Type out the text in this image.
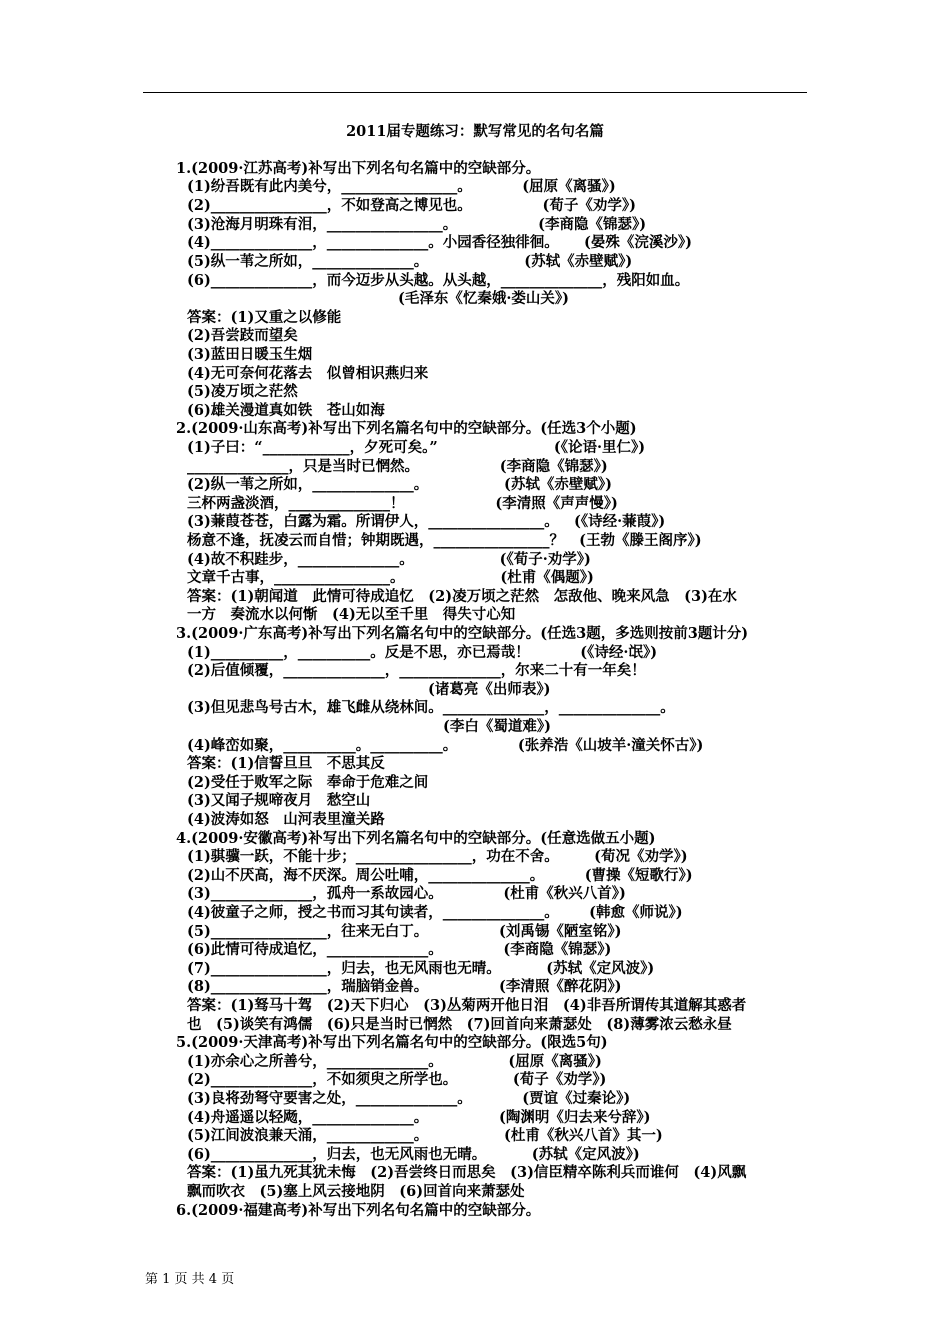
2011届专题练习：默写常见的名句名篇
1.(2009·江苏高考)补写出下列名句名篇中的空缺部分。
(1)纷吾既有此内美兮，________________。          (屈原《离骚》)
(2)________________，不如登高之博见也。              (荀子《劝学》)
(3)沧海月明珠有泪，________________。                (李商隐《锦瑟》)
(4)______________，______________。小园香径独徘徊。     (晏殊《浣溪沙》)
(5)纵一苇之所如，______________。                   (苏轼《赤壁赋》)
(6)______________，而今迈步从头越。从头越，______________，残阳如血。
(毛泽东《忆秦娥·娄山关》)
答案：(1)又重之以修能
(2)吾尝跂而望矣
(3)蓝田日暖玉生烟
(4)无可奈何花落去　似曾相识燕归来
(5)凌万顷之茫然
(6)雄关漫道真如铁　苍山如海
2.(2009·山东高考)补写出下列名篇名句中的空缺部分。(任选3个小题)
(1)子曰：“____________，夕死可矣。”                       (《论语·里仁》)
______________，只是当时已惘然。                (李商隐《锦瑟》)
(2)纵一苇之所如，______________。               (苏轼《赤壁赋》)
三杯两盏淡酒，______________！                  (李清照《声声慢》)
(3)蒹葭苍苍，白露为霜。所谓伊人，________________。   (《诗经·蒹葭》)
杨意不逢，抚凌云而自惜；钟期既遇，________________？   (王勃《滕王阁序》)
(4)故不积跬步，______________。                 (《荀子·劝学》)
文章千古事，________________。                   (杜甫《偶题》)
答案：(1)朝闻道　此情可待成追忆　(2)凌万顷之茫然　怎敌他、晚来风急　(3)在水
一方　奏流水以何惭　(4)无以至千里　得失寸心知
3.(2009·广东高考)补写出下列名篇名句中的空缺部分。(任选3题，多选则按前3题计分)
(1)__________，__________。反是不思，亦已焉哉！          (《诗经·氓》)
(2)后值倾覆，______________，______________，尔来二十有一年矣！
(诸葛亮《出师表》)
(3)但见悲鸟号古木，雄飞雌从绕林间。______________，______________。
(李白《蜀道难》)
(4)峰峦如聚，__________。__________。            (张养浩《山坡羊·潼关怀古》)
答案：(1)信誓旦旦　不思其反
(2)受任于败军之际　奉命于危难之间
(3)又闻子规啼夜月　愁空山
(4)波涛如怒　山河表里潼关路
4.(2009·安徽高考)补写出下列名篇名句中的空缺部分。(任意选做五小题)
(1)骐骥一跃，不能十步；________________，功在不舍。       (荀况《劝学》)
(2)山不厌高，海不厌深。周公吐哺，______________。        (曹操《短歌行》)
(3)______________，孤舟一系故园心。            (杜甫《秋兴八首》)
(4)彼童子之师，授之书而习其句读者，______________。      (韩愈《师说》)
(5)________________，往来无白丁。              (刘禹锡《陋室铭》)
(6)此情可待成追忆，______________。            (李商隐《锦瑟》)
(7)________________，归去，也无风雨也无晴。         (苏轼《定风波》)
(8)________________，瑞脑销金兽。              (李清照《醉花阴》)
答案：(1)驽马十驾　(2)天下归心　(3)丛菊两开他日泪　(4)非吾所谓传其道解其惑者
也　(5)谈笑有鸿儒　(6)只是当时已惘然　(7)回首向来萧瑟处　(8)薄雾浓云愁永昼
5.(2009·天津高考)补写出下列名篇名句中的空缺部分。(限选5句)
(1)亦余心之所善兮，______________。             (屈原《离骚》)
(2)______________，不如须臾之所学也。           (荀子《劝学》)
(3)良将劲弩守要害之处，______________。          (贾谊《过秦论》)
(4)舟遥遥以轻飏，______________。              (陶渊明《归去来兮辞》)
(5)江间波浪兼天涌，____________。               (杜甫《秋兴八首》其一)
(6)______________，归去，也无风雨也无晴。         (苏轼《定风波》)
答案：(1)虽九死其犹未悔　(2)吾尝终日而思矣　(3)信臣精卒陈利兵而谁何　(4)风飘
飘而吹衣　(5)塞上风云接地阴　(6)回首向来萧瑟处
6.(2009·福建高考)补写出下列名句名篇中的空缺部分。
第 1 页 共 4 页
